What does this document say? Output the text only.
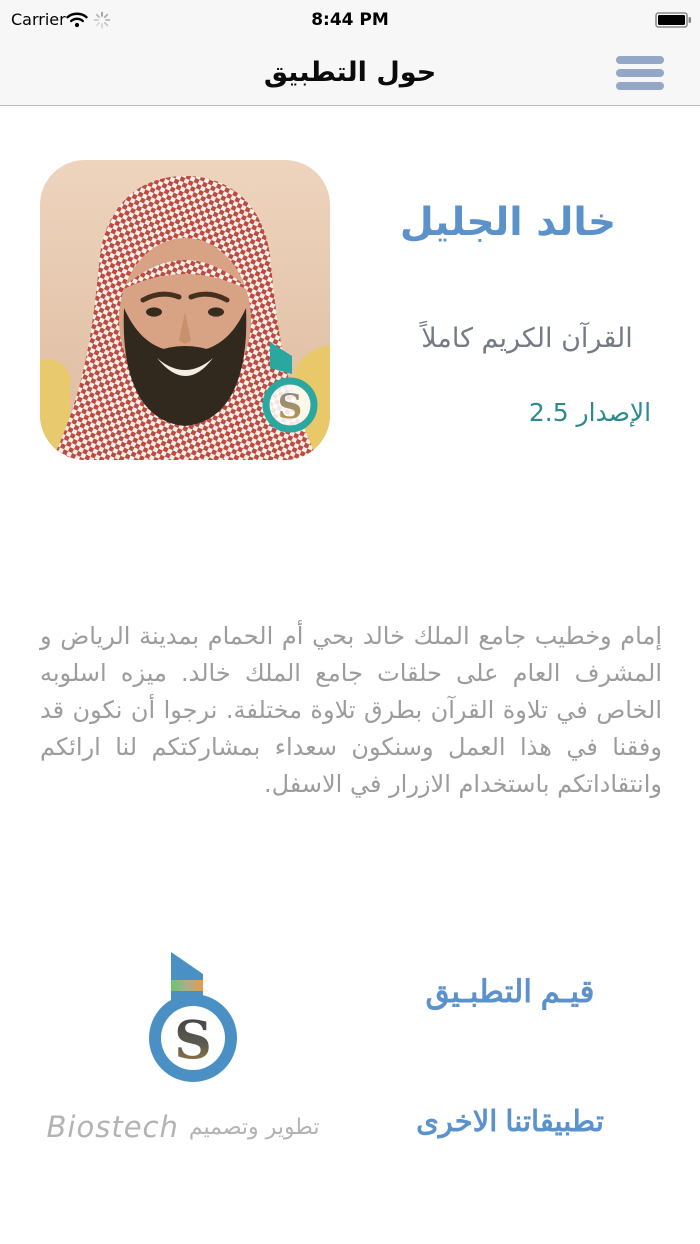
Carrier	8:44 PM
حول التطبيق
S
خالد الجليل
القرآن الكريم كاملاً
الإصدار 2.5

إمام وخطيب جامع الملك خالد بحي أم الحمام بمدينة الرياض و المشرف العام على حلقات جامع الملك خالد. ميزه اسلوبه الخاص في تلاوة القرآن بطرق تلاوة مختلفة. نرجوا أن نكون قد وفقنا في هذا العمل وسنكون سعداء بمشاركتكم لنا ارائكم وانتقاداتكم باستخدام الازرار في الاسفل.

S
قيـم التطبـيق
تطبيقاتنا الاخرى
تطوير وتصميم
Biostech
